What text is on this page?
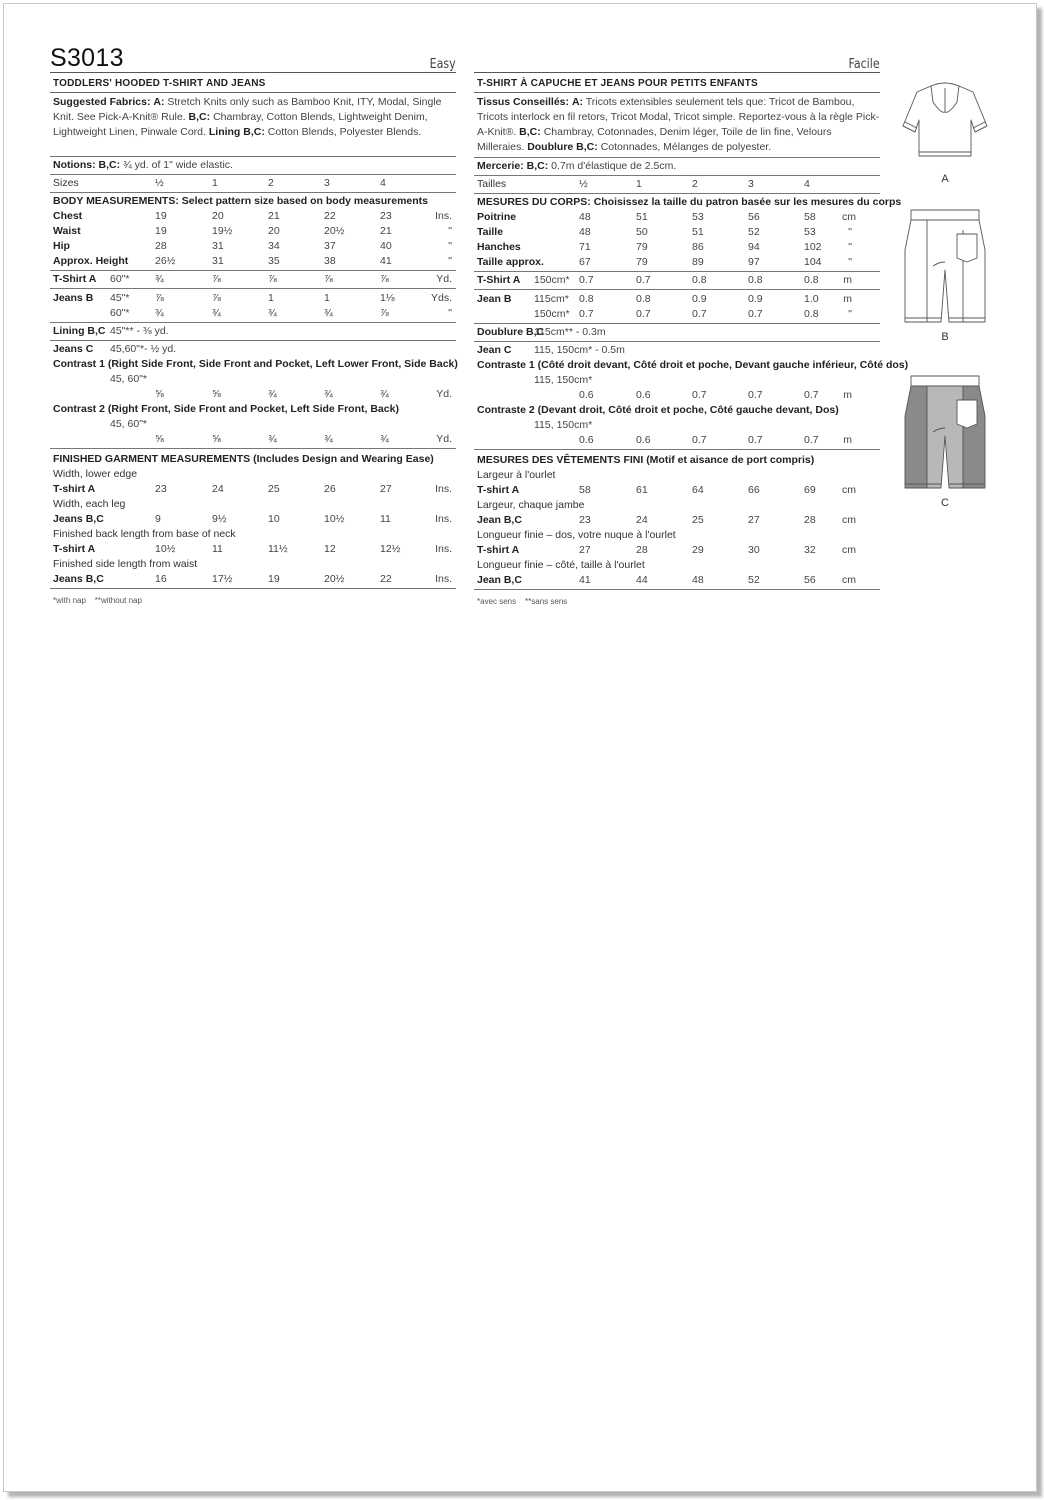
S3013	Easy
TODDLERS' HOODED T-SHIRT AND JEANS
Suggested Fabrics: A: Stretch Knits only such as Bamboo Knit, ITY, Modal, Single Knit. See Pick-A-Knit® Rule. B,C: Chambray, Cotton Blends, Lightweight Denim, Lightweight Linen, Pinwale Cord. Lining B,C: Cotton Blends, Polyester Blends.
Notions: B,C: ¾ yd. of 1" wide elastic.
Sizes	½	1	2	3	4
BODY MEASUREMENTS: Select pattern size based on body measurements
Chest	19	20	21	22	23	Ins.
Waist	19	19½	20	20½	21	"
Hip	28	31	34	37	40	"
Approx. Height	26½	31	35	38	41	"
T-Shirt A 60"* ¾	⅞	⅞	⅞	⅞	Yd.
Jeans B 45"* ⅞	⅞	1	1	1⅛	Yds.
60"* ¾	¾	¾	¾	⅞	"
Lining B,C 45"** - ⅜ yd.
Jeans C 45,60"*- ½ yd.
Contrast 1 (Right Side Front, Side Front and Pocket, Left Lower Front, Side Back)
45, 60"*
⅝	⅝	¾	¾	¾	Yd.
Contrast 2 (Right Front, Side Front and Pocket, Left Side Front, Back)
45, 60"*
⅝	⅝	¾	¾	¾	Yd.
FINISHED GARMENT MEASUREMENTS (Includes Design and Wearing Ease)
Width, lower edge
T-shirt A	23	24	25	26	27	Ins.
Width, each leg
Jeans B,C	9	9½	10	10½	11	Ins.
Finished back length from base of neck
T-shirt A	10½	11	11½	12	12½	Ins.
Finished side length from waist
Jeans B,C	16	17½	19	20½	22	Ins.
*with nap    **without nap
Facile
T-SHIRT À CAPUCHE ET JEANS POUR PETITS ENFANTS
Tissus Conseillés: A: Tricots extensibles seulement tels que: Tricot de Bambou, Tricots interlock en fil retors, Tricot Modal, Tricot simple. Reportez-vous à la règle Pick-A-Knit®. B,C: Chambray, Cotonnades, Denim léger, Toile de lin fine, Velours Milleraies. Doublure B,C: Cotonnades, Mélanges de polyester.
Mercerie: B,C: 0.7m d'élastique de 2.5cm.
Tailles	½	1	2	3	4
MESURES DU CORPS: Choisissez la taille du patron basée sur les mesures du corps
Poitrine	48	51	53	56	58	cm
Taille	48	50	51	52	53	"
Hanches	71	79	86	94	102	"
Taille approx.	67	79	89	97	104	"
T-Shirt A 150cm* 0.7	0.7	0.8	0.8	0.8 m
Jean B 115cm* 0.8	0.8	0.9	0.9	1.0 m
150cm* 0.7	0.7	0.7	0.7	0.8	"
Doublure B,C
115cm** - 0.3m
Jean C 115, 150cm* - 0.5m
Contraste 1 (Côté droit devant, Côté droit et poche, Devant gauche inférieur, Côté dos)
115, 150cm*
0.6	0.6	0.7	0.7	0.7 m
Contraste 2 (Devant droit, Côté droit et poche, Côté gauche devant, Dos)
115, 150cm*
0.6	0.6	0.7	0.7	0.7 m
MESURES DES VÊTEMENTS FINI (Motif et aisance de port compris)
Largeur à l'ourlet
T-shirt A	58	61	64	66	69	cm
Largeur, chaque jambe
Jean B,C	23	24	25	27	28	cm
Longueur finie – dos, votre nuque à l'ourlet
T-shirt A	27	28	29	30	32	cm
Longueur finie – côté, taille à l'ourlet
Jean B,C	41	44	48	52	56	cm
*avec sens    **sans sens
A
B
C
